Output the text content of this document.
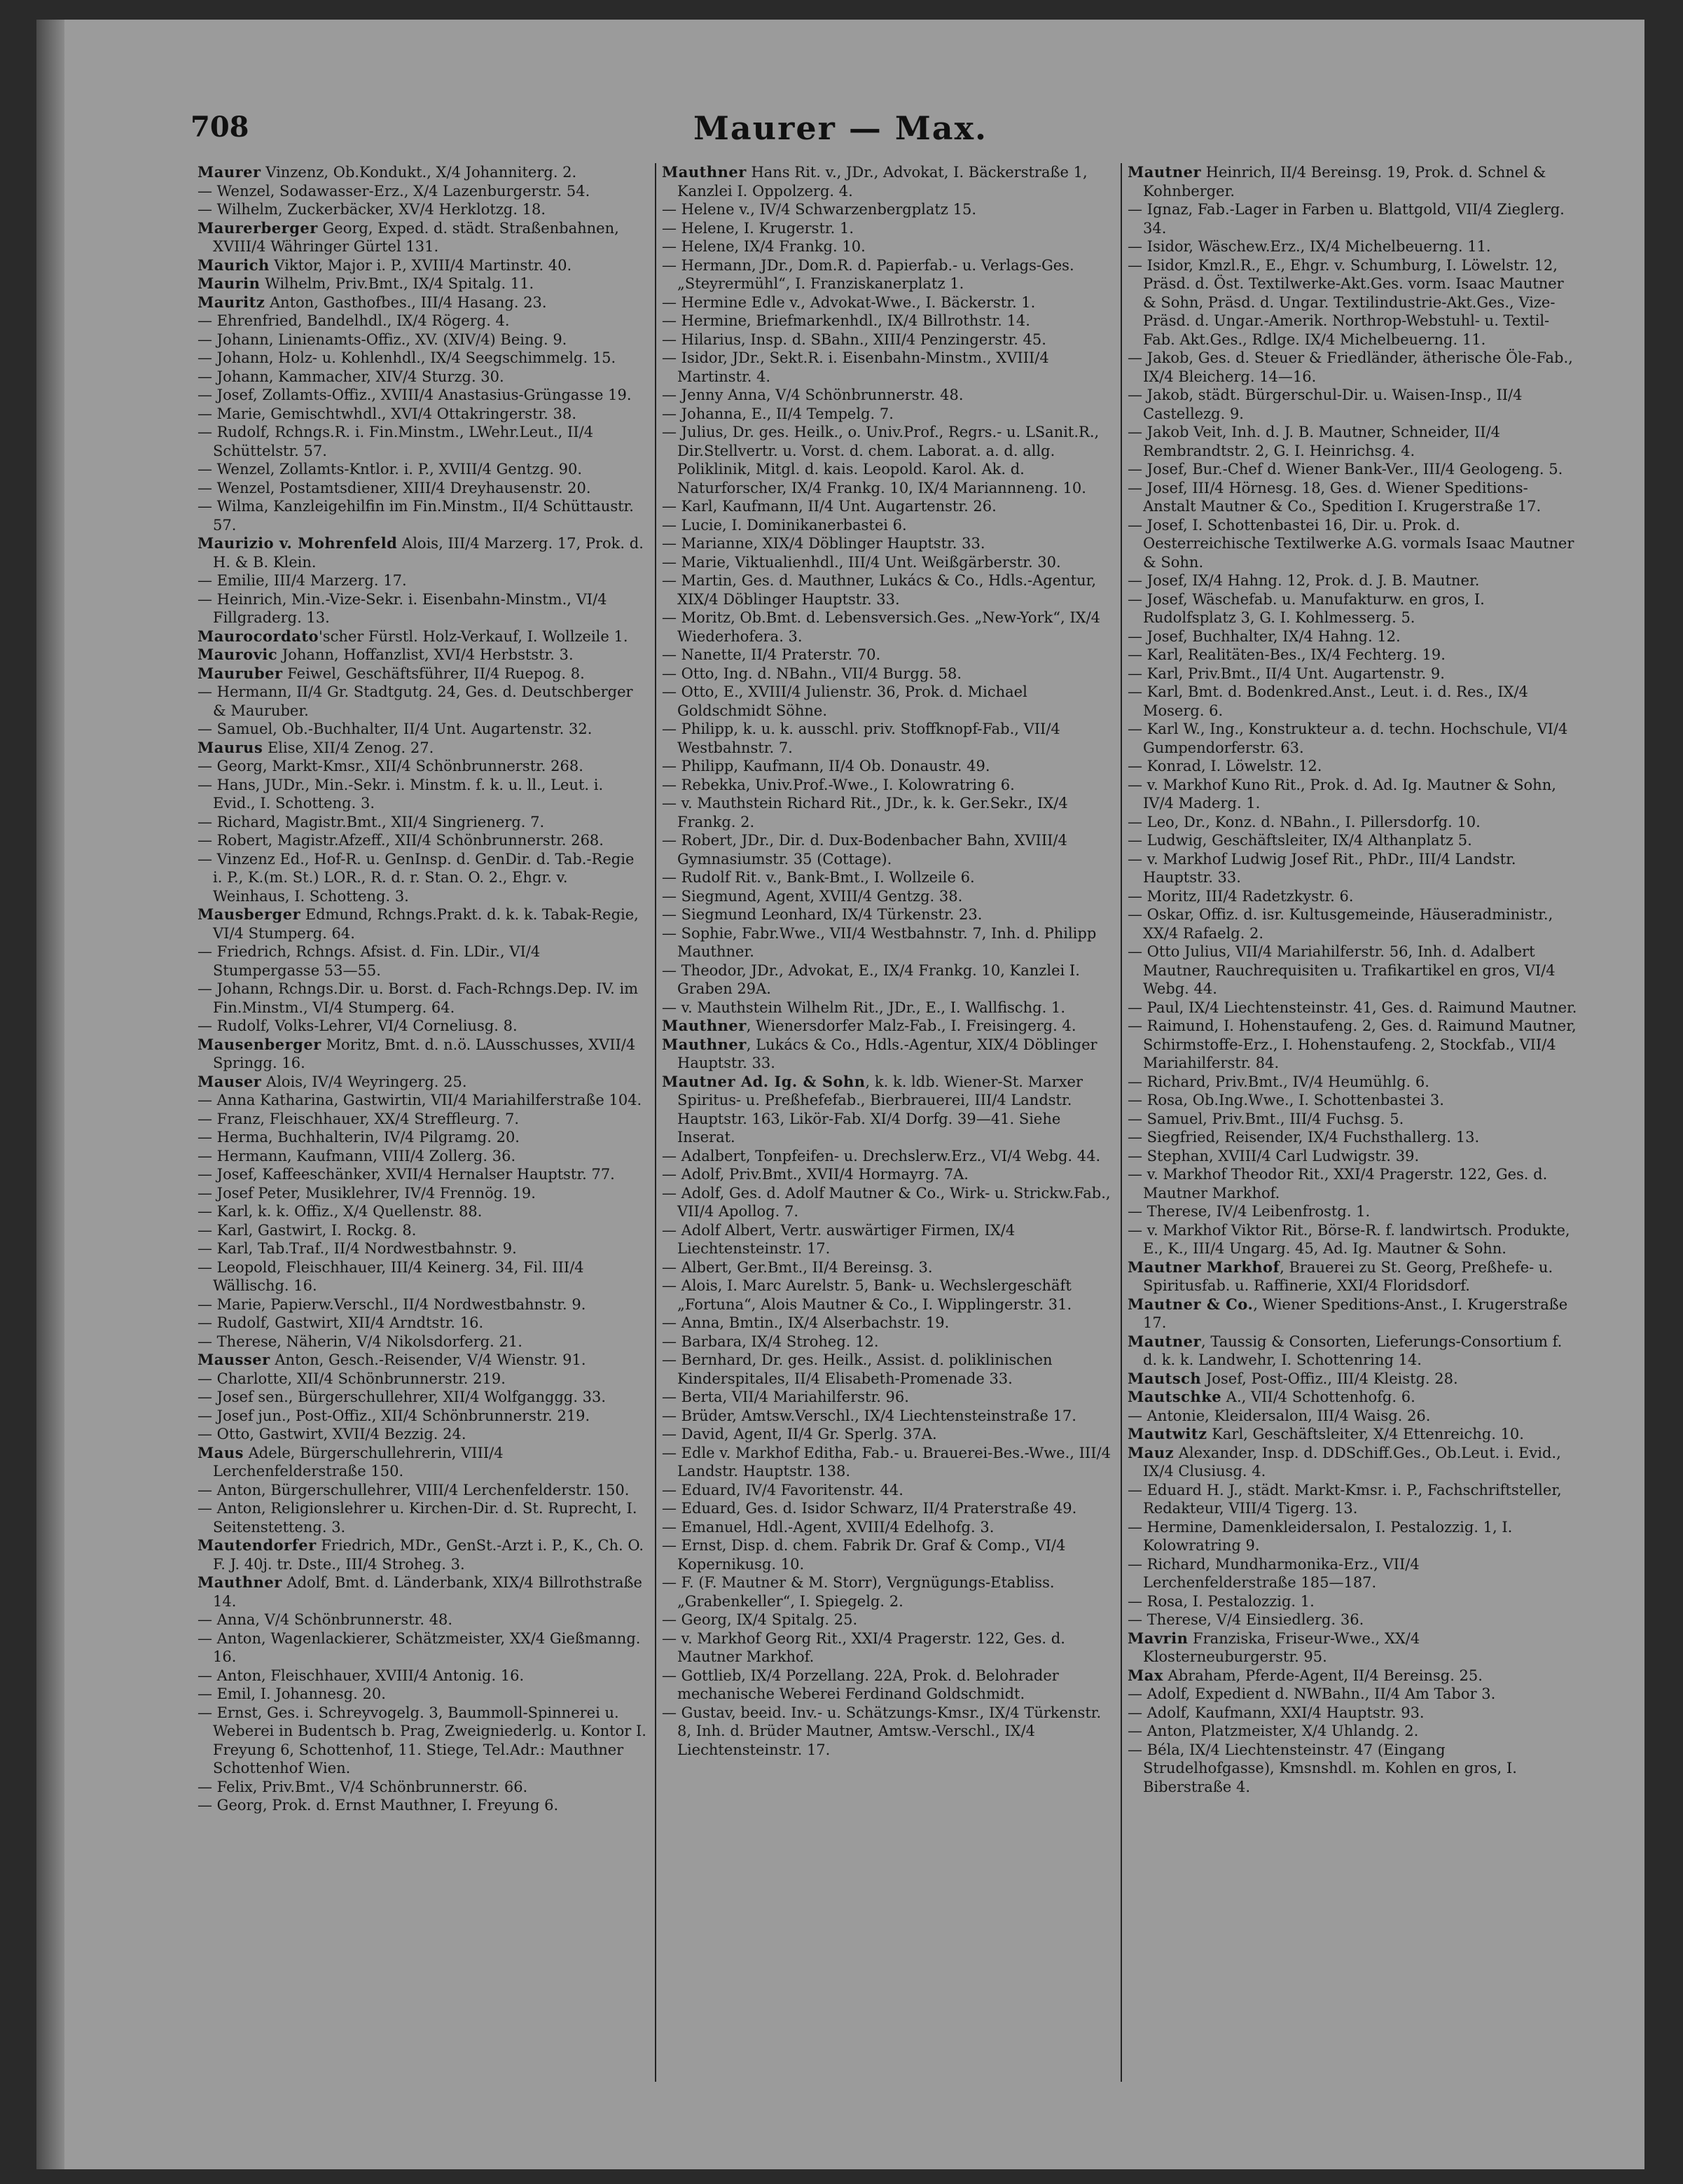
708	Maurer — Max.

Maurer Vinzenz, Ob.Kondukt., X/4 Johanniterg. 2.

— Wenzel, Sodawasser-Erz., X/4 Lazenburgerstr. 54.

— Wilhelm, Zuckerbäcker, XV/4 Herklotzg. 18.

Maurerberger Georg, Exped. d. städt. Straßenbahnen, XVIII/4 Währinger Gürtel 131.

Maurich Viktor, Major i. P., XVIII/4 Martinstr. 40.

Maurin Wilhelm, Priv.Bmt., IX/4 Spitalg. 11.

Mauritz Anton, Gasthofbes., III/4 Hasang. 23.

— Ehrenfried, Bandelhdl., IX/4 Rögerg. 4.

— Johann, Linienamts-Offiz., XV. (XIV/4) Being. 9.

— Johann, Holz- u. Kohlenhdl., IX/4 Seegschimmelg. 15.

— Johann, Kammacher, XIV/4 Sturzg. 30.

— Josef, Zollamts-Offiz., XVIII/4 Anastasius-Grüngasse 19.

— Marie, Gemischtwhdl., XVI/4 Ottakringerstr. 38.

— Rudolf, Rchngs.R. i. Fin.Minstm., LWehr.Leut., II/4 Schüttelstr. 57.

— Wenzel, Zollamts-Kntlor. i. P., XVIII/4 Gentzg. 90.

— Wenzel, Postamtsdiener, XIII/4 Dreyhausenstr. 20.

— Wilma, Kanzleigehilfin im Fin.Minstm., II/4 Schüttaustr. 57.

Maurizio v. Mohrenfeld Alois, III/4 Marzerg. 17, Prok. d. H. & B. Klein.

— Emilie, III/4 Marzerg. 17.

— Heinrich, Min.-Vize-Sekr. i. Eisenbahn-Minstm., VI/4 Fillgraderg. 13.

Maurocordato'scher Fürstl. Holz-Verkauf, I. Wollzeile 1.

Maurovic Johann, Hoffanzlist, XVI/4 Herbststr. 3.

Mauruber Feiwel, Geschäftsführer, II/4 Ruepog. 8.

— Hermann, II/4 Gr. Stadtgutg. 24, Ges. d. Deutschberger & Mauruber.

— Samuel, Ob.-Buchhalter, II/4 Unt. Augartenstr. 32.

Maurus Elise, XII/4 Zenog. 27.

— Georg, Markt-Kmsr., XII/4 Schönbrunnerstr. 268.

— Hans, JUDr., Min.-Sekr. i. Minstm. f. k. u. ll., Leut. i. Evid., I. Schotteng. 3.

— Richard, Magistr.Bmt., XII/4 Singrienerg. 7.

— Robert, Magistr.Afzeff., XII/4 Schönbrunnerstr. 268.

— Vinzenz Ed., Hof-R. u. GenInsp. d. GenDir. d. Tab.-Regie i. P., K.(m. St.) LOR., R. d. r. Stan. O. 2., Ehgr. v. Weinhaus, I. Schotteng. 3.

Mausberger Edmund, Rchngs.Prakt. d. k. k. Tabak-Regie, VI/4 Stumperg. 64.

— Friedrich, Rchngs. Afsist. d. Fin. LDir., VI/4 Stumpergasse 53—55.

— Johann, Rchngs.Dir. u. Borst. d. Fach-Rchngs.Dep. IV. im Fin.Minstm., VI/4 Stumperg. 64.

— Rudolf, Volks-Lehrer, VI/4 Corneliusg. 8.

Mausenberger Moritz, Bmt. d. n.ö. LAusschusses, XVII/4 Springg. 16.

Mauser Alois, IV/4 Weyringerg. 25.

— Anna Katharina, Gastwirtin, VII/4 Mariahilferstraße 104.

— Franz, Fleischhauer, XX/4 Streffleurg. 7.

— Herma, Buchhalterin, IV/4 Pilgramg. 20.

— Hermann, Kaufmann, VIII/4 Zollerg. 36.

— Josef, Kaffeeschänker, XVII/4 Hernalser Hauptstr. 77.

— Josef Peter, Musiklehrer, IV/4 Frennög. 19.

— Karl, k. k. Offiz., X/4 Quellenstr. 88.

— Karl, Gastwirt, I. Rockg. 8.

— Karl, Tab.Traf., II/4 Nordwestbahnstr. 9.

— Leopold, Fleischhauer, III/4 Keinerg. 34, Fil. III/4 Wällischg. 16.

— Marie, Papierw.Verschl., II/4 Nordwestbahnstr. 9.

— Rudolf, Gastwirt, XII/4 Arndtstr. 16.

— Therese, Näherin, V/4 Nikolsdorferg. 21.

Mausser Anton, Gesch.-Reisender, V/4 Wienstr. 91.

— Charlotte, XII/4 Schönbrunnerstr. 219.

— Josef sen., Bürgerschullehrer, XII/4 Wolfganggg. 33.

— Josef jun., Post-Offiz., XII/4 Schönbrunnerstr. 219.

— Otto, Gastwirt, XVII/4 Bezzig. 24.

Maus Adele, Bürgerschullehrerin, VIII/4 Lerchenfelderstraße 150.

— Anton, Bürgerschullehrer, VIII/4 Lerchenfelderstr. 150.

— Anton, Religionslehrer u. Kirchen-Dir. d. St. Ruprecht, I. Seitenstetteng. 3.

Mautendorfer Friedrich, MDr., GenSt.-Arzt i. P., K., Ch. O. F. J. 40j. tr. Dste., III/4 Stroheg. 3.

Mauthner Adolf, Bmt. d. Länderbank, XIX/4 Billrothstraße 14.

— Anna, V/4 Schönbrunnerstr. 48.

— Anton, Wagenlackierer, Schätzmeister, XX/4 Gießmanng. 16.

— Anton, Fleischhauer, XVIII/4 Antonig. 16.

— Emil, I. Johannesg. 20.

— Ernst, Ges. i. Schreyvogelg. 3, Baummoll-Spinnerei u. Weberei in Budentsch b. Prag, Zweigniederlg. u. Kontor I. Freyung 6, Schottenhof, 11. Stiege, Tel.Adr.: Mauthner Schottenhof Wien.

— Felix, Priv.Bmt., V/4 Schönbrunnerstr. 66.

— Georg, Prok. d. Ernst Mauthner, I. Freyung 6.

Mauthner Hans Rit. v., JDr., Advokat, I. Bäckerstraße 1, Kanzlei I. Oppolzerg. 4.

— Helene v., IV/4 Schwarzenbergplatz 15.

— Helene, I. Krugerstr. 1.

— Helene, IX/4 Frankg. 10.

— Hermann, JDr., Dom.R. d. Papierfab.- u. Verlags-Ges. „Steyrermühl“, I. Franziskanerplatz 1.

— Hermine Edle v., Advokat-Wwe., I. Bäckerstr. 1.

— Hermine, Briefmarkenhdl., IX/4 Billrothstr. 14.

— Hilarius, Insp. d. SBahn., XIII/4 Penzingerstr. 45.

— Isidor, JDr., Sekt.R. i. Eisenbahn-Minstm., XVIII/4 Martinstr. 4.

— Jenny Anna, V/4 Schönbrunnerstr. 48.

— Johanna, E., II/4 Tempelg. 7.

— Julius, Dr. ges. Heilk., o. Univ.Prof., Regrs.- u. LSanit.R., Dir.Stellvertr. u. Vorst. d. chem. Laborat. a. d. allg. Poliklinik, Mitgl. d. kais. Leopold. Karol. Ak. d. Naturforscher, IX/4 Frankg. 10, IX/4 Mariannneng. 10.

— Karl, Kaufmann, II/4 Unt. Augartenstr. 26.

— Lucie, I. Dominikanerbastei 6.

— Marianne, XIX/4 Döblinger Hauptstr. 33.

— Marie, Viktualienhdl., III/4 Unt. Weißgärberstr. 30.

— Martin, Ges. d. Mauthner, Lukács & Co., Hdls.-Agentur, XIX/4 Döblinger Hauptstr. 33.

— Moritz, Ob.Bmt. d. Lebensversich.Ges. „New-York“, IX/4 Wiederhofera. 3.

— Nanette, II/4 Praterstr. 70.

— Otto, Ing. d. NBahn., VII/4 Burgg. 58.

— Otto, E., XVIII/4 Julienstr. 36, Prok. d. Michael Goldschmidt Söhne.

— Philipp, k. u. k. ausschl. priv. Stoffknopf-Fab., VII/4 Westbahnstr. 7.

— Philipp, Kaufmann, II/4 Ob. Donaustr. 49.

— Rebekka, Univ.Prof.-Wwe., I. Kolowratring 6.

— v. Mauthstein Richard Rit., JDr., k. k. Ger.Sekr., IX/4 Frankg. 2.

— Robert, JDr., Dir. d. Dux-Bodenbacher Bahn, XVIII/4 Gymnasiumstr. 35 (Cottage).

— Rudolf Rit. v., Bank-Bmt., I. Wollzeile 6.

— Siegmund, Agent, XVIII/4 Gentzg. 38.

— Siegmund Leonhard, IX/4 Türkenstr. 23.

— Sophie, Fabr.Wwe., VII/4 Westbahnstr. 7, Inh. d. Philipp Mauthner.

— Theodor, JDr., Advokat, E., IX/4 Frankg. 10, Kanzlei I. Graben 29A.

— v. Mauthstein Wilhelm Rit., JDr., E., I. Wallfischg. 1.

Mauthner, Wienersdorfer Malz-Fab., I. Freisingerg. 4.

Mauthner, Lukács & Co., Hdls.-Agentur, XIX/4 Döblinger Hauptstr. 33.

Mautner Ad. Ig. & Sohn, k. k. ldb. Wiener-St. Marxer Spiritus- u. Preßhefefab., Bierbrauerei, III/4 Landstr. Hauptstr. 163, Likör-Fab. XI/4 Dorfg. 39—41. Siehe Inserat.

— Adalbert, Tonpfeifen- u. Drechslerw.Erz., VI/4 Webg. 44.

— Adolf, Priv.Bmt., XVII/4 Hormayrg. 7A.

— Adolf, Ges. d. Adolf Mautner & Co., Wirk- u. Strickw.Fab., VII/4 Apollog. 7.

— Adolf Albert, Vertr. auswärtiger Firmen, IX/4 Liechtensteinstr. 17.

— Albert, Ger.Bmt., II/4 Bereinsg. 3.

— Alois, I. Marc Aurelstr. 5, Bank- u. Wechslergeschäft „Fortuna“, Alois Mautner & Co., I. Wipplingerstr. 31.

— Anna, Bmtin., IX/4 Alserbachstr. 19.

— Barbara, IX/4 Stroheg. 12.

— Bernhard, Dr. ges. Heilk., Assist. d. poliklinischen Kinderspitales, II/4 Elisabeth-Promenade 33.

— Berta, VII/4 Mariahilferstr. 96.

— Brüder, Amtsw.Verschl., IX/4 Liechtensteinstraße 17.

— David, Agent, II/4 Gr. Sperlg. 37A.

— Edle v. Markhof Editha, Fab.- u. Brauerei-Bes.-Wwe., III/4 Landstr. Hauptstr. 138.

— Eduard, IV/4 Favoritenstr. 44.

— Eduard, Ges. d. Isidor Schwarz, II/4 Praterstraße 49.

— Emanuel, Hdl.-Agent, XVIII/4 Edelhofg. 3.

— Ernst, Disp. d. chem. Fabrik Dr. Graf & Comp., VI/4 Kopernikusg. 10.

— F. (F. Mautner & M. Storr), Vergnügungs-Etabliss. „Grabenkeller“, I. Spiegelg. 2.

— Georg, IX/4 Spitalg. 25.

— v. Markhof Georg Rit., XXI/4 Pragerstr. 122, Ges. d. Mautner Markhof.

— Gottlieb, IX/4 Porzellang. 22A, Prok. d. Belohrader mechanische Weberei Ferdinand Goldschmidt.

— Gustav, beeid. Inv.- u. Schätzungs-Kmsr., IX/4 Türkenstr. 8, Inh. d. Brüder Mautner, Amtsw.-Verschl., IX/4 Liechtensteinstr. 17.

Mautner Heinrich, II/4 Bereinsg. 19, Prok. d. Schnel & Kohnberger.

— Ignaz, Fab.-Lager in Farben u. Blattgold, VII/4 Zieglerg. 34.

— Isidor, Wäschew.Erz., IX/4 Michelbeuerng. 11.

— Isidor, Kmzl.R., E., Ehgr. v. Schumburg, I. Löwelstr. 12, Präsd. d. Öst. Textilwerke-Akt.Ges. vorm. Isaac Mautner & Sohn, Präsd. d. Ungar. Textilindustrie-Akt.Ges., Vize-Präsd. d. Ungar.-Amerik. Northrop-Webstuhl- u. Textil-Fab. Akt.Ges., Rdlge. IX/4 Michelbeuerng. 11.

— Jakob, Ges. d. Steuer & Friedländer, ätherische Öle-Fab., IX/4 Bleicherg. 14—16.

— Jakob, städt. Bürgerschul-Dir. u. Waisen-Insp., II/4 Castellezg. 9.

— Jakob Veit, Inh. d. J. B. Mautner, Schneider, II/4 Rembrandtstr. 2, G. I. Heinrichsg. 4.

— Josef, Bur.-Chef d. Wiener Bank-Ver., III/4 Geologeng. 5.

— Josef, III/4 Hörnesg. 18, Ges. d. Wiener Speditions-Anstalt Mautner & Co., Spedition I. Krugerstraße 17.

— Josef, I. Schottenbastei 16, Dir. u. Prok. d. Oesterreichische Textilwerke A.G. vormals Isaac Mautner & Sohn.

— Josef, IX/4 Hahng. 12, Prok. d. J. B. Mautner.

— Josef, Wäschefab. u. Manufakturw. en gros, I. Rudolfsplatz 3, G. I. Kohlmesserg. 5.

— Josef, Buchhalter, IX/4 Hahng. 12.

— Karl, Realitäten-Bes., IX/4 Fechterg. 19.

— Karl, Priv.Bmt., II/4 Unt. Augartenstr. 9.

— Karl, Bmt. d. Bodenkred.Anst., Leut. i. d. Res., IX/4 Moserg. 6.

— Karl W., Ing., Konstrukteur a. d. techn. Hochschule, VI/4 Gumpendorferstr. 63.

— Konrad, I. Löwelstr. 12.

— v. Markhof Kuno Rit., Prok. d. Ad. Ig. Mautner & Sohn, IV/4 Maderg. 1.

— Leo, Dr., Konz. d. NBahn., I. Pillersdorfg. 10.

— Ludwig, Geschäftsleiter, IX/4 Althanplatz 5.

— v. Markhof Ludwig Josef Rit., PhDr., III/4 Landstr. Hauptstr. 33.

— Moritz, III/4 Radetzkystr. 6.

— Oskar, Offiz. d. isr. Kultusgemeinde, Häuseradministr., XX/4 Rafaelg. 2.

— Otto Julius, VII/4 Mariahilferstr. 56, Inh. d. Adalbert Mautner, Rauchrequisiten u. Trafikartikel en gros, VI/4 Webg. 44.

— Paul, IX/4 Liechtensteinstr. 41, Ges. d. Raimund Mautner.

— Raimund, I. Hohenstaufeng. 2, Ges. d. Raimund Mautner, Schirmstoffe-Erz., I. Hohenstaufeng. 2, Stockfab., VII/4 Mariahilferstr. 84.

— Richard, Priv.Bmt., IV/4 Heumühlg. 6.

— Rosa, Ob.Ing.Wwe., I. Schottenbastei 3.

— Samuel, Priv.Bmt., III/4 Fuchsg. 5.

— Siegfried, Reisender, IX/4 Fuchsthallerg. 13.

— Stephan, XVIII/4 Carl Ludwigstr. 39.

— v. Markhof Theodor Rit., XXI/4 Pragerstr. 122, Ges. d. Mautner Markhof.

— Therese, IV/4 Leibenfrostg. 1.

— v. Markhof Viktor Rit., Börse-R. f. landwirtsch. Produkte, E., K., III/4 Ungarg. 45, Ad. Ig. Mautner & Sohn.

Mautner Markhof, Brauerei zu St. Georg, Preßhefe- u. Spiritusfab. u. Raffinerie, XXI/4 Floridsdorf.

Mautner & Co., Wiener Speditions-Anst., I. Krugerstraße 17.

Mautner, Taussig & Consorten, Lieferungs-Consortium f. d. k. k. Landwehr, I. Schottenring 14.

Mautsch Josef, Post-Offiz., III/4 Kleistg. 28.

Mautschke A., VII/4 Schottenhofg. 6.

— Antonie, Kleidersalon, III/4 Waisg. 26.

Mautwitz Karl, Geschäftsleiter, X/4 Ettenreichg. 10.

Mauz Alexander, Insp. d. DDSchiff.Ges., Ob.Leut. i. Evid., IX/4 Clusiusg. 4.

— Eduard H. J., städt. Markt-Kmsr. i. P., Fachschriftsteller, Redakteur, VIII/4 Tigerg. 13.

— Hermine, Damenkleidersalon, I. Pestalozzig. 1, I. Kolowratring 9.

— Richard, Mundharmonika-Erz., VII/4 Lerchenfelderstraße 185—187.

— Rosa, I. Pestalozzig. 1.

— Therese, V/4 Einsiedlerg. 36.

Mavrin Franziska, Friseur-Wwe., XX/4 Klosterneuburgerstr. 95.

Max Abraham, Pferde-Agent, II/4 Bereinsg. 25.

— Adolf, Expedient d. NWBahn., II/4 Am Tabor 3.

— Adolf, Kaufmann, XXI/4 Hauptstr. 93.

— Anton, Platzmeister, X/4 Uhlandg. 2.

— Béla, IX/4 Liechtensteinstr. 47 (Eingang Strudelhofgasse), Kmsnshdl. m. Kohlen en gros, I. Biberstraße 4.
